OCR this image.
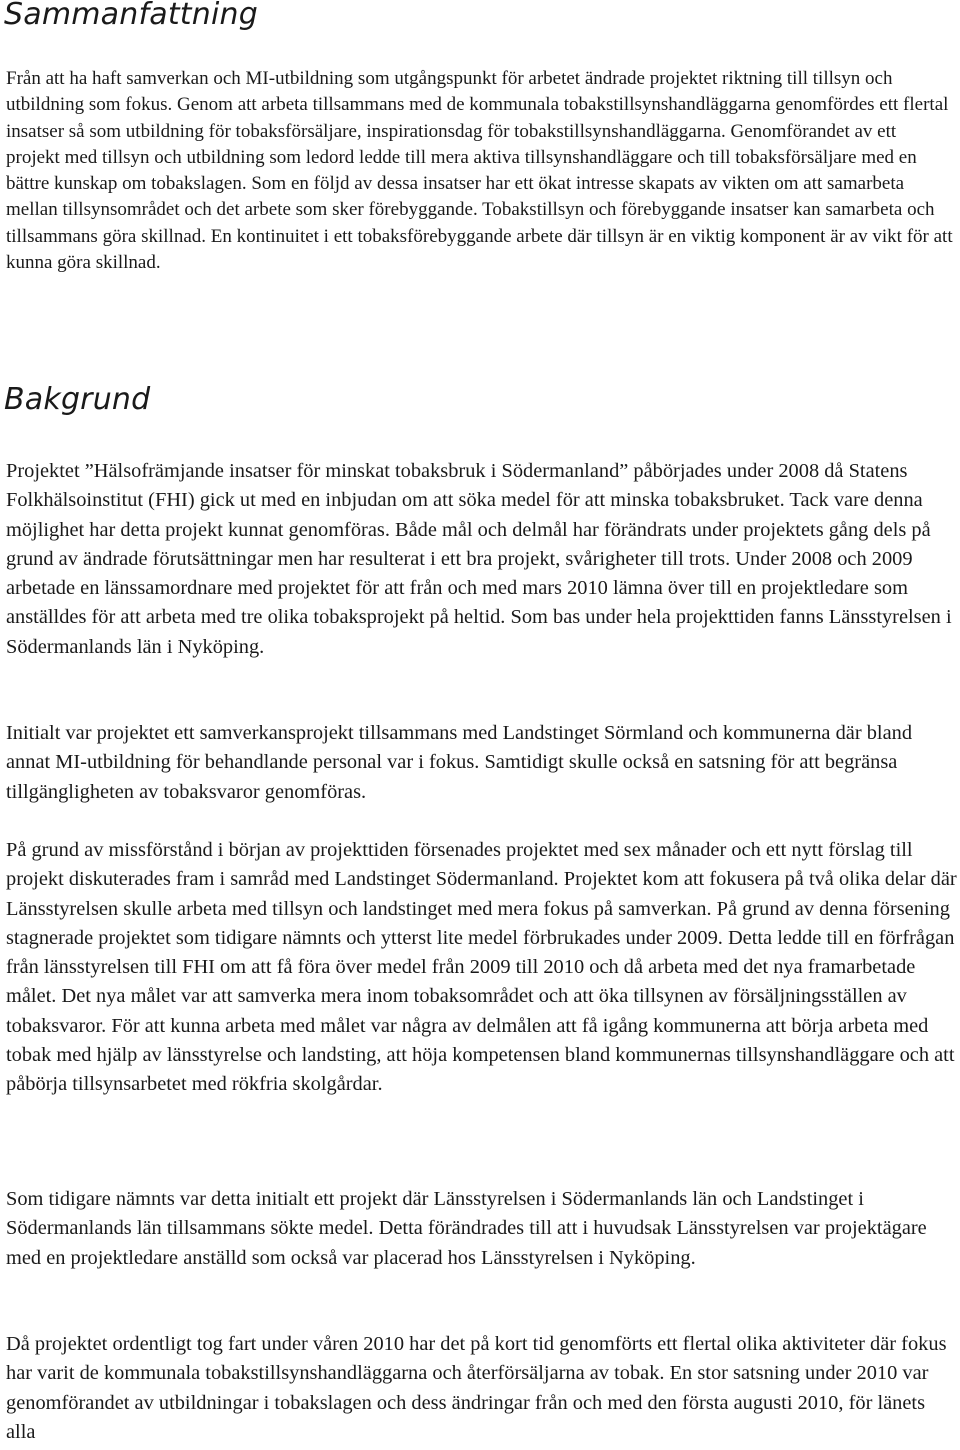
Sammanfattning

Från att ha haft samverkan och MI-utbildning som utgångspunkt för arbetet ändrade projektet riktning till tillsyn och utbildning som fokus. Genom att arbeta tillsammans med de kommunala tobakstillsynshandläggarna genomfördes ett flertal insatser så som utbildning för tobaksförsäljare, inspirationsdag för tobakstillsynshandläggarna. Genomförandet av ett projekt med tillsyn och utbildning som ledord ledde till mera aktiva tillsynshandläggare och till tobaksförsäljare med en bättre kunskap om tobakslagen. Som en följd av dessa insatser har ett ökat intresse skapats av vikten om att samarbeta mellan tillsynsområdet och det arbete som sker förebyggande. Tobakstillsyn och förebyggande insatser kan samarbeta och tillsammans göra skillnad. En kontinuitet i ett tobaksförebyggande arbete där tillsyn är en viktig komponent är av vikt för att kunna göra skillnad.

Bakgrund

Projektet ”Hälsofrämjande insatser för minskat tobaksbruk i Södermanland” påbörjades under 2008 då Statens Folkhälsoinstitut (FHI) gick ut med en inbjudan om att söka medel för att minska tobaksbruket. Tack vare denna möjlighet har detta projekt kunnat genomföras. Både mål och delmål har förändrats under projektets gång dels på grund av ändrade förutsättningar men har resulterat i ett bra projekt, svårigheter till trots. Under 2008 och 2009 arbetade en länssamordnare med projektet för att från och med mars 2010 lämna över till en projektledare som anställdes för att arbeta med tre olika tobaksprojekt på heltid. Som bas under hela projekttiden fanns Länsstyrelsen i Södermanlands län i Nyköping.

Initialt var projektet ett samverkansprojekt tillsammans med Landstinget Sörmland och kommunerna där bland annat MI-utbildning för behandlande personal var i fokus. Samtidigt skulle också en satsning för att begränsa tillgängligheten av tobaksvaror genomföras.

På grund av missförstånd i början av projekttiden försenades projektet med sex månader och ett nytt förslag till projekt diskuterades fram i samråd med Landstinget Södermanland. Projektet kom att fokusera på två olika delar där Länsstyrelsen skulle arbeta med tillsyn och landstinget med mera fokus på samverkan. På grund av denna försening stagnerade projektet som tidigare nämnts och ytterst lite medel förbrukades under 2009. Detta ledde till en förfrågan från länsstyrelsen till FHI om att få föra över medel från 2009 till 2010 och då arbeta med det nya framarbetade målet. Det nya målet var att samverka mera inom tobaksområdet och att öka tillsynen av försäljningsställen av tobaksvaror. För att kunna arbeta med målet var några av delmålen att få igång kommunerna att börja arbeta med tobak med hjälp av länsstyrelse och landsting, att höja kompetensen bland kommunernas tillsynshandläggare och att påbörja tillsynsarbetet med rökfria skolgårdar.

Som tidigare nämnts var detta initialt ett projekt där Länsstyrelsen i Södermanlands län och Landstinget i Södermanlands län tillsammans sökte medel. Detta förändrades till att i huvudsak Länsstyrelsen var projektägare med en projektledare anställd som också var placerad hos Länsstyrelsen i Nyköping.

Då projektet ordentligt tog fart under våren 2010 har det på kort tid genomförts ett flertal olika aktiviteter där fokus har varit de kommunala tobakstillsynshandläggarna och återförsäljarna av tobak. En stor satsning under 2010 var genomförandet av utbildningar i tobakslagen och dess ändringar från och med den första augusti 2010, för länets alla
